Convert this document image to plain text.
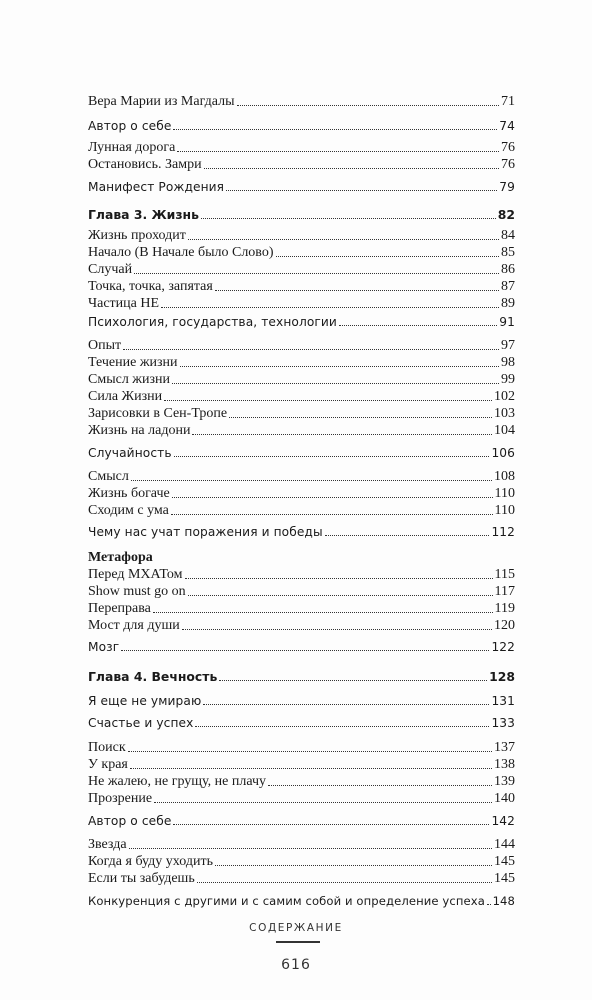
Вера Марии из Магдалы	71
Автор о себе	74
Лунная дорога	76
Остановись. Замри	76
Манифест Рождения	79
Глава 3. Жизнь	82
Жизнь проходит	84
Начало (В Начале было Слово)	85
Случай	86
Точка, точка, запятая	87
Частица НЕ	89
Психология, государства, технологии	91
Опыт	97
Течение жизни	98
Смысл жизни	99
Сила Жизни	102
Зарисовки в Сен-Тропе	103
Жизнь на ладони	104
Случайность	106
Смысл	108
Жизнь богаче	110
Сходим с ума	110
Чему нас учат поражения и победы	112
Метафора
Перед МХАТом	115
Show must go on	117
Переправа	119
Мост для души	120
Мозг	122
Глава 4. Вечность	128
Я еще не умираю	131
Счастье и успех	133
Поиск	137
У края	138
Не жалею, не грущу, не плачу	139
Прозрение	140
Автор о себе	142
Звезда	144
Когда я буду уходить	145
Если ты забудешь	145
Конкуренция с другими и с самим собой и определение успеха 148
СОДЕРЖАНИЕ
616
